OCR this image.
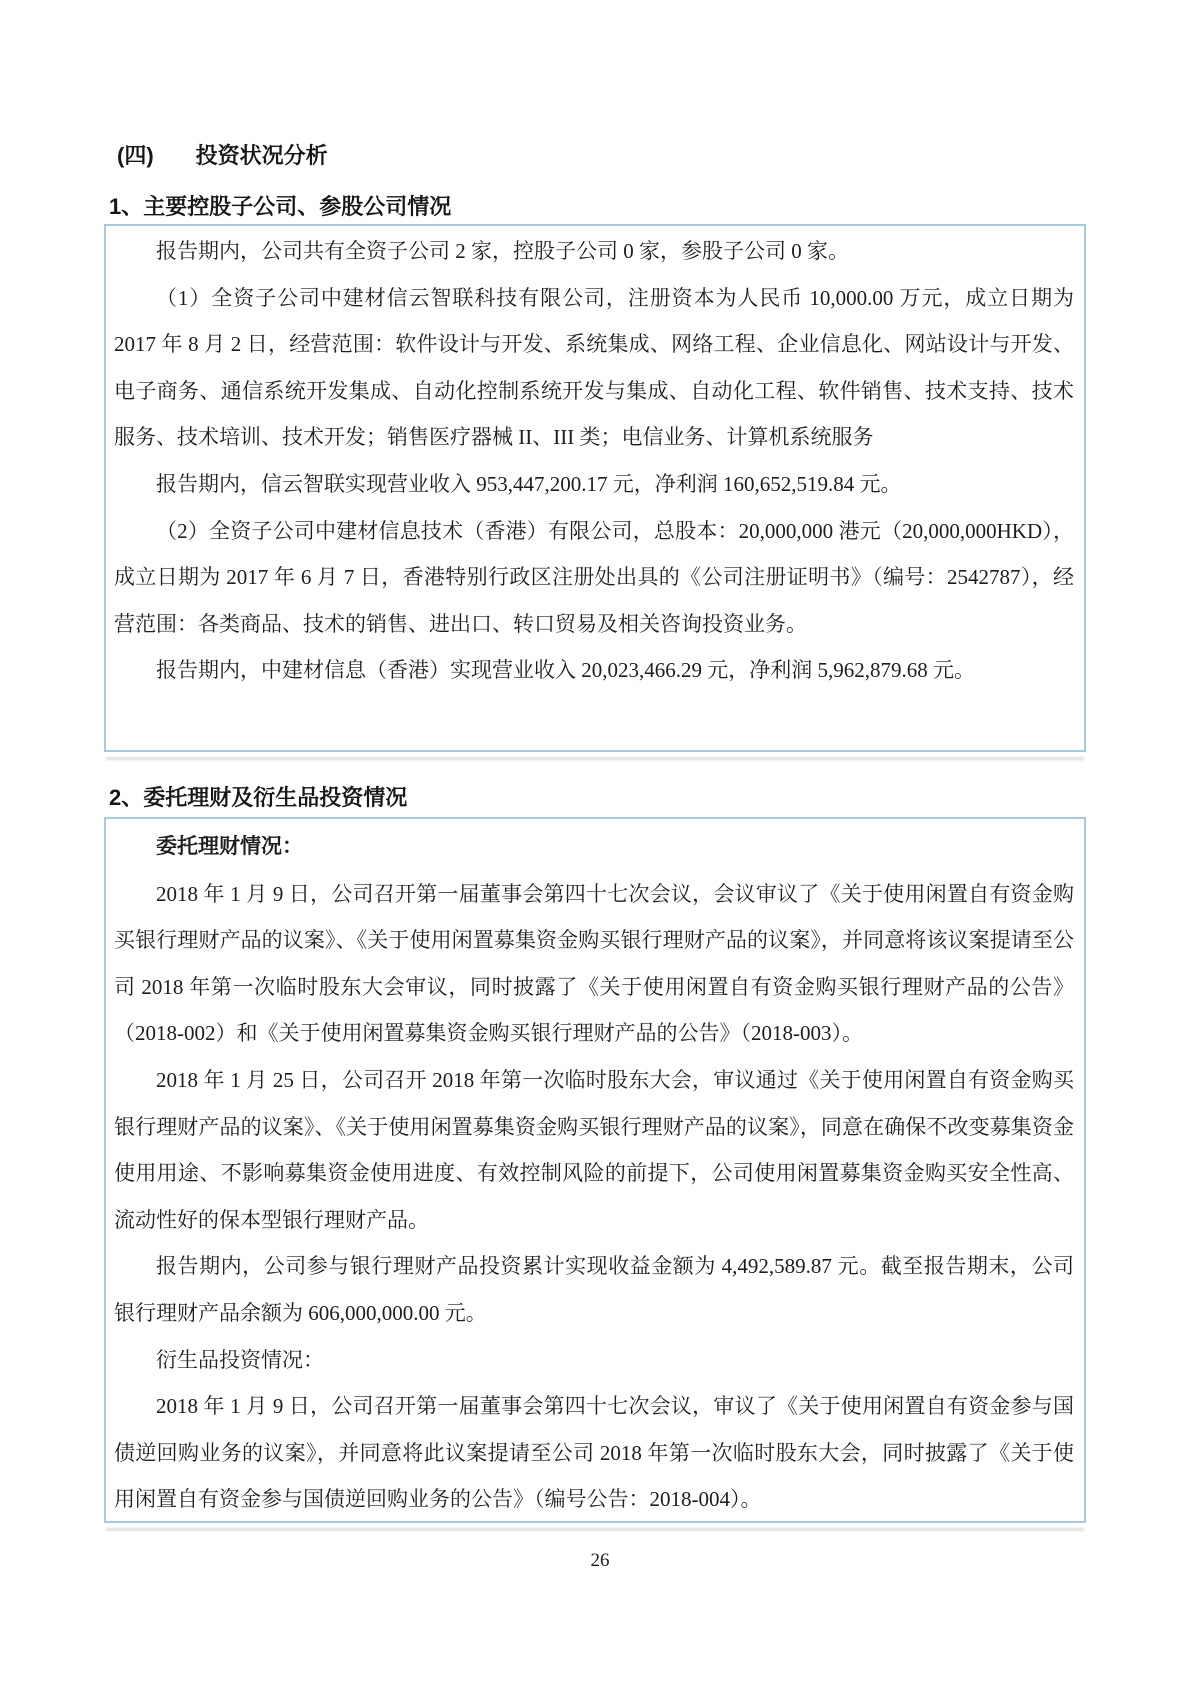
(四) 投资状况分析
1、主要控股子公司、参股公司情况

报告期内，公司共有全资子公司 2 家，控股子公司 0 家，参股子公司 0 家。

（1）全资子公司中建材信云智联科技有限公司，注册资本为人民币 10,000.00 万元，成立日期为 2017 年 8 月 2 日，经营范围：软件设计与开发、系统集成、网络工程、企业信息化、网站设计与开发、电子商务、通信系统开发集成、自动化控制系统开发与集成、自动化工程、软件销售、技术支持、技术服务、技术培训、技术开发；销售医疗器械 II、III 类；电信业务、计算机系统服务

报告期内，信云智联实现营业收入 953,447,200.17 元，净利润 160,652,519.84 元。

（2）全资子公司中建材信息技术（香港）有限公司，总股本：20,000,000 港元（20,000,000HKD），成立日期为 2017 年 6 月 7 日，香港特别行政区注册处出具的《公司注册证明书》（编号：2542787），经营范围：各类商品、技术的销售、进出口、转口贸易及相关咨询投资业务。

报告期内，中建材信息（香港）实现营业收入 20,023,466.29 元，净利润 5,962,879.68 元。

2、委托理财及衍生品投资情况

委托理财情况：

2018 年 1 月 9 日，公司召开第一届董事会第四十七次会议，会议审议了《关于使用闲置自有资金购买银行理财产品的议案》、《关于使用闲置募集资金购买银行理财产品的议案》，并同意将该议案提请至公司 2018 年第一次临时股东大会审议，同时披露了《关于使用闲置自有资金购买银行理财产品的公告》（2018-002）和《关于使用闲置募集资金购买银行理财产品的公告》（2018-003）。

2018 年 1 月 25 日，公司召开 2018 年第一次临时股东大会，审议通过《关于使用闲置自有资金购买银行理财产品的议案》、《关于使用闲置募集资金购买银行理财产品的议案》，同意在确保不改变募集资金使用用途、不影响募集资金使用进度、有效控制风险的前提下，公司使用闲置募集资金购买安全性高、流动性好的保本型银行理财产品。

报告期内，公司参与银行理财产品投资累计实现收益金额为 4,492,589.87 元。截至报告期末，公司银行理财产品余额为 606,000,000.00 元。

衍生品投资情况：

2018 年 1 月 9 日，公司召开第一届董事会第四十七次会议，审议了《关于使用闲置自有资金参与国债逆回购业务的议案》，并同意将此议案提请至公司 2018 年第一次临时股东大会，同时披露了《关于使用闲置自有资金参与国债逆回购业务的公告》（编号公告：2018-004）。

26
